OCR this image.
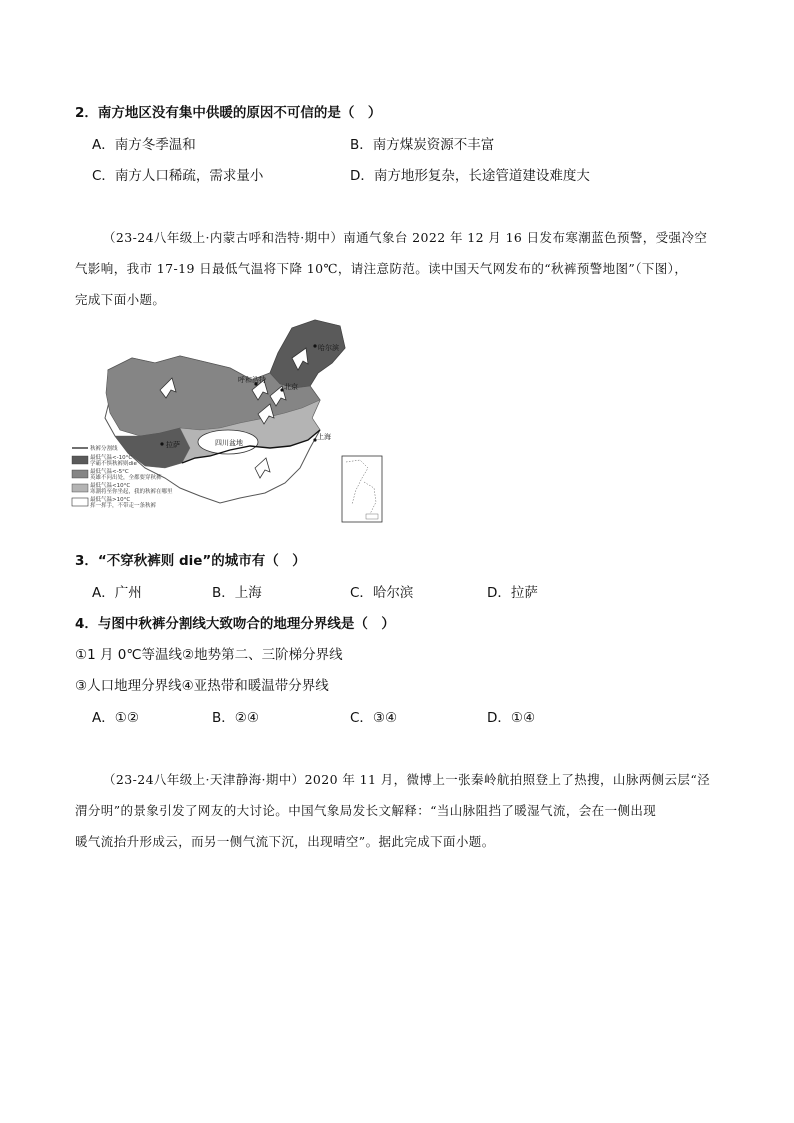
2．南方地区没有集中供暖的原因不可信的是（　）
A．南方冬季温和	B．南方煤炭资源不丰富
C．南方人口稀疏，需求量小	D．南方地形复杂，长途管道建设难度大
（23-24八年级上·内蒙古呼和浩特·期中）南通气象台 2022 年 12 月 16 日发布寒潮蓝色预警，受强冷空
气影响，我市 17-19 日最低气温将下降 10℃，请注意防范。读中国天气网发布的“秋裤预警地图”（下图），
完成下面小题。
哈尔滨
呼和浩特
北京
拉萨
上海
四川盆地
秋裤分割线
最低气温<-10°C
学霸不惧秋裤则die
最低气温<-5°C
英雄不问出处，全都要穿秋裤
最低气温<10°C
寒潮将至你坐起，我的秋裤在哪里
最低气温>10°C
挥一挥手，不带走一条秋裤
3．“不穿秋裤则 die”的城市有（　）
A．广州	B．上海	C．哈尔滨	D．拉萨
4．与图中秋裤分割线大致吻合的地理分界线是（　）
①1 月 0℃等温线②地势第二、三阶梯分界线
③人口地理分界线④亚热带和暖温带分界线
A．①②	B．②④	C．③④	D．①④
（23-24八年级上·天津静海·期中）2020 年 11 月，微博上一张秦岭航拍照登上了热搜，山脉两侧云层“泾
渭分明”的景象引发了网友的大讨论。中国气象局发长文解释：“当山脉阻挡了暖湿气流，会在一侧出现
暖气流抬升形成云，而另一侧气流下沉，出现晴空”。据此完成下面小题。
